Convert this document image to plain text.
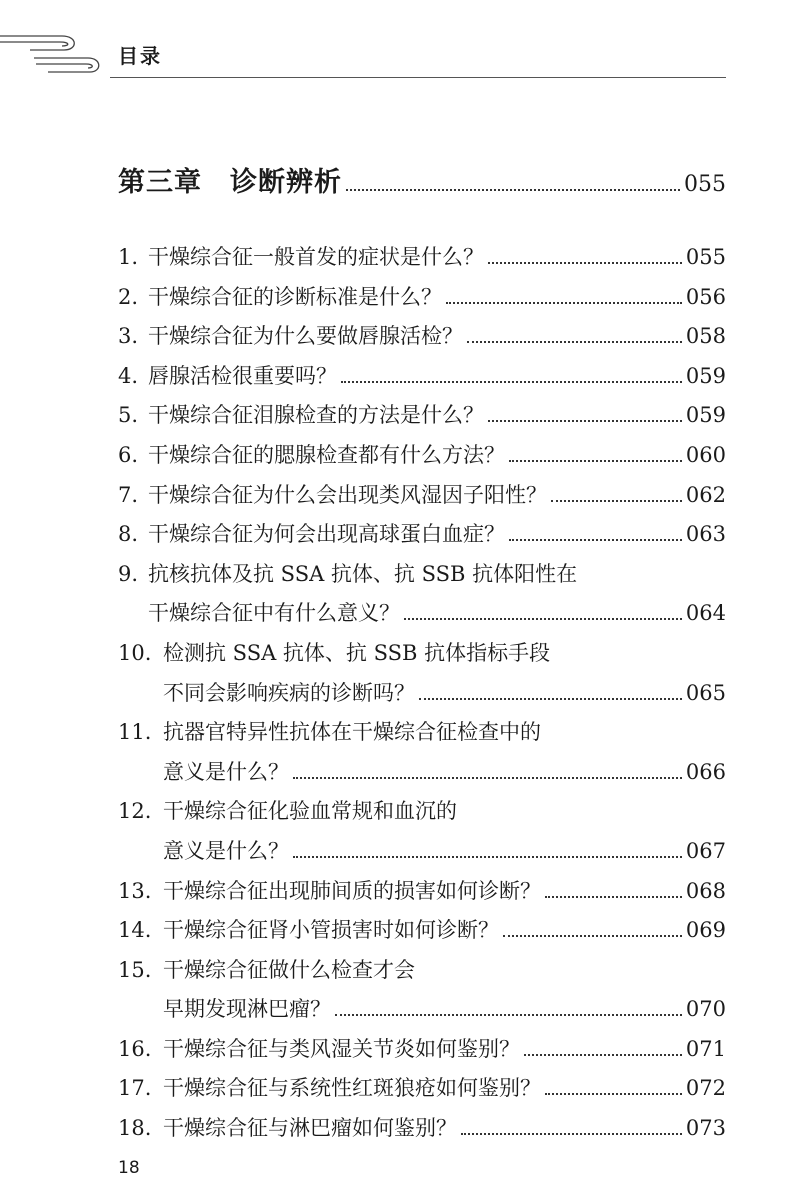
目录
第三章　诊断辨析	055
1. 干燥综合征一般首发的症状是什么？	055
2. 干燥综合征的诊断标准是什么？	056
3. 干燥综合征为什么要做唇腺活检？	058
4. 唇腺活检很重要吗？	059
5. 干燥综合征泪腺检查的方法是什么？	059
6. 干燥综合征的腮腺检查都有什么方法？	060
7. 干燥综合征为什么会出现类风湿因子阳性？	062
8. 干燥综合征为何会出现高球蛋白血症？	063
9. 抗核抗体及抗 SSA 抗体、抗 SSB 抗体阳性在
干燥综合征中有什么意义？	064
10. 检测抗 SSA 抗体、抗 SSB 抗体指标手段
不同会影响疾病的诊断吗？	065
11. 抗器官特异性抗体在干燥综合征检查中的
意义是什么？	066
12. 干燥综合征化验血常规和血沉的
意义是什么？	067
13. 干燥综合征出现肺间质的损害如何诊断？	068
14. 干燥综合征肾小管损害时如何诊断？	069
15. 干燥综合征做什么检查才会
早期发现淋巴瘤？	070
16. 干燥综合征与类风湿关节炎如何鉴别？	071
17. 干燥综合征与系统性红斑狼疮如何鉴别？	072
18. 干燥综合征与淋巴瘤如何鉴别？	073
18
